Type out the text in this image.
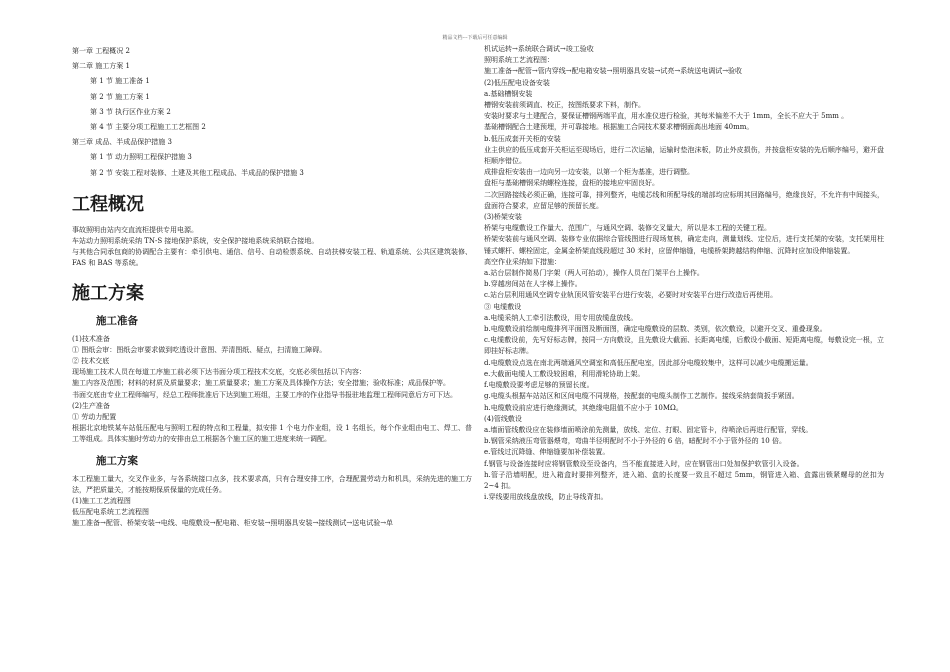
精品文档---下载后可任意编辑
第一章 工程概况 2
第二章 施工方案 1
第 1 节 施工准备 1
第 2 节 施工方案 1
第 3 节 执行区作业方案 2
第 4 节 主要分项工程施工工艺框图 2
第三章 成品、半成品保护措施 3
第 1 节 动力照明工程保护措施 3
第 2 节 安装工程对装修、土建及其他工程成品、半成品的保护措施 3
工程概况

事故照明由站内交直流柜提供专用电源。

车站动力照明系统采纳 TN-S 接地保护系统，安全保护接地系统采纳联合接地。

与其他合同承包商的协调配合主要有：牵引供电、通信、信号、自动检票系统、自动扶梯安装工程、轨道系统、公共区建筑装修、FAS 和 BAS 等系统。

施工方案
施工准备

(1)技术准备

① 图纸会审：图纸会审要求做到吃透设计意图、弄清图纸、疑点，扫清施工障碍。

② 技术交底

现场施工技术人员在每道工序施工前必须下达书面分项工程技术交底，交底必须包括以下内容：

施工内容及范围；材料的材质及质量要求；施工质量要求；施工方案及具体操作方法；安全措施；验收标准；成品保护等。

书面交底由专业工程师编写，经总工程师批准后下达到施工班组，主要工序的作业指导书报驻地监理工程师同意后方可下达。

(2)生产准备

① 劳动力配置

根据北京地铁某车站低压配电与照明工程的特点和工程量，拟安排 1 个电力作业组，设 1 名组长，每个作业组由电工、焊工、普工等组成。具体实施时劳动力的安排由总工根据各个施工区的施工进度来统一调配。

施工方案

本工程施工量大，交叉作业多，与各系统接口点多，技术要求高，只有合理安排工序，合理配置劳动力和机具，采纳先进的施工方法，严把质量关，才能按期保质保量的完成任务。

(1)施工工艺流程图

低压配电系统工艺流程图

施工准备→配管、桥架安装→电线、电缆敷设→配电箱、柜安装→照明器具安装→接线测试→送电试验→单

机试运转→系统联合调试→竣工验收

照明系统工艺流程图：

施工准备→配管→管内穿线→配电箱安装→照明器具安装→试亮→系统送电调试→验收

(2)低压配电设备安装

a.基础槽钢安装

槽钢安装前须调直、校正，按图纸要求下料，制作。

安装时要求与土建配合，要保证槽钢两端平直，用水准仪进行检验，其每米偏差不大于 1mm，全长不应大于 5mm 。

基础槽钢配合土建预埋，并可靠接地。根据施工合同技术要求槽钢面高出地面 40mm。

b.低压成套开关柜的安装

业主供应的低压成套开关柜运至现场后，进行二次运输，运输时垫泡沫板，防止外皮损伤，并按盘柜安装的先后顺序编号，避开盘柜顺序错位。

成排盘柜安装由一边向另一边安装，以第一个柜为基准，进行调整。

盘柜与基础槽钢采纳螺栓连接，盘柜的接地应牢固良好。

二次回路接线必须正确，连接可靠，排列整齐，电缆芯线和所配导线的端部均应标明其回路编号，绝缘良好，不允许有中间接头，盘面符合要求，应留足够的预留长度。

(3)桥架安装

桥架与电缆敷设工作量大、范围广，与通风空调、装修交叉量大，所以是本工程的关键工程。

桥架安装前与通风空调、装修专业依据综合管线图进行现场复核，确定走向，测量划线、定位后，进行支托架的安装，支托架用柱锤式螺杆、螺栓固定，金属金桥架直线段超过 30 米时，应留伸缩缝，电缆桥架跨越结构伸缩、沉降时应加设伸缩装置。

高空作业采纳如下措施：

a.站台层制作简易门字架（两人可抬动），操作人员在门架平台上操作。

b.穿越房间站在人字梯上操作。

c.站台层利用通风空调专业轨顶风管安装平台进行安装，必要时对安装平台进行改造后再使用。

③ 电缆敷设

a.电缆采纳人工牵引法敷设，用专用放缆盘放线。

b.电缆敷设前绘制电缆排列平面图及断面图，确定电缆敷设的层数、类别，依次敷设，以避开交叉、重叠现象。

c.电缆敷设前，先写好标志牌，按同一方向敷设，且先敷设大截面、长距离电缆，后敷设小截面、短距离电缆，每敷设完一根，立即挂好标志牌。

d.电缆敷设点选在南北两端通风空调室和高低压配电室，因此部分电缆较集中，这样可以减少电缆搬运量。

e.大截面电缆人工敷设较困难，利用滑轮协助上架。

f.电缆敷设要考虑足够的预留长度。

g.电缆头根据车站站区和区间电缆不同规格，按配套的电缆头制作工艺制作。接线采纳套筒扳手紧固。

h.电缆敷设前应进行绝缘测试，其绝缘电阻值不应小于 10MΩ。

(4)管线敷设

a.墙面管线敷设应在装修墙面喷涂前先测量，放线、定位、打眼、固定管卡，待喷涂后再进行配管，穿线。

b.钢管采纳液压弯管器煨弯，弯曲半径明配时不小于外径的 6 倍，暗配时不小于管外径的 10 倍。

e.管线过沉降缝、伸缩缝要加补偿装置。

f.钢管与设备连接时应将钢管敷设至设备内，当不能直接进入时，应在钢管出口处加保护软管引入设备。

h.管子沿墙明配，进入箱盒时要排列整齐，进入箱、盒的长度要一致且不超过 5mm，钢管进入箱、盒露出锁紧螺母的丝扣为 2~4 扣。

i.穿线要用放线盘放线，防止导线背扣。
